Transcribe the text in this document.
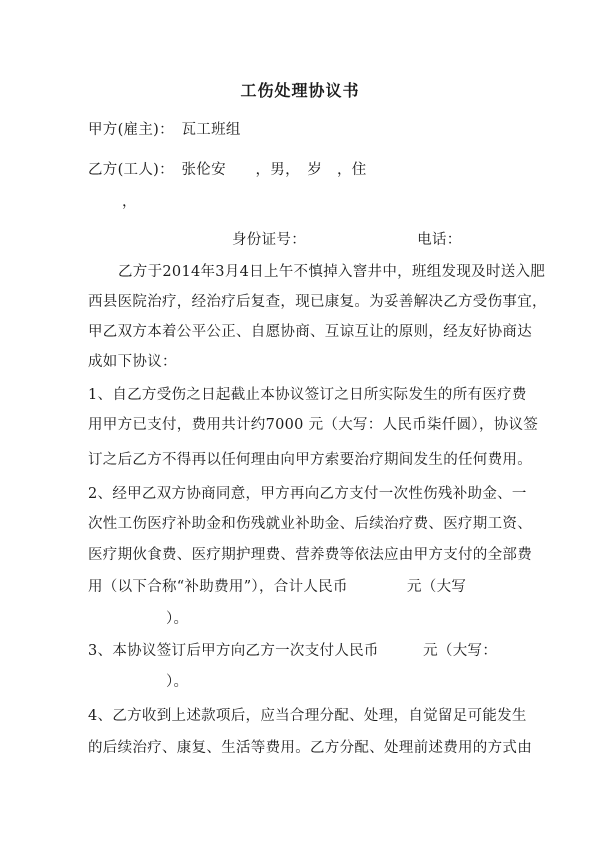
工伤处理协议书
甲方(雇主)：　瓦工班组
乙方(工人)：　张伦安　　，男，　岁　，住
，
身份证号：　　　　　　　　电话：
乙方于2014年3月4日上午不慎掉入窨井中，班组发现及时送入肥
西县医院治疗，经治疗后复查，现已康复。为妥善解决乙方受伤事宜，
甲乙双方本着公平公正、自愿协商、互谅互让的原则，经友好协商达
成如下协议：
1、自乙方受伤之日起截止本协议签订之日所实际发生的所有医疗费
用甲方已支付，费用共计约7000 元（大写：人民币柒仟圆），协议签
订之后乙方不得再以任何理由向甲方索要治疗期间发生的任何费用。
2、经甲乙双方协商同意，甲方再向乙方支付一次性伤残补助金、一
次性工伤医疗补助金和伤残就业补助金、后续治疗费、医疗期工资、
医疗期伙食费、医疗期护理费、营养费等依法应由甲方支付的全部费
用（以下合称“补助费用”），合计人民币　　　　元（大写
）。
3、本协议签订后甲方向乙方一次支付人民币　　　元（大写：
）。
4、乙方收到上述款项后，应当合理分配、处理，自觉留足可能发生
的后续治疗、康复、生活等费用。乙方分配、处理前述费用的方式由
